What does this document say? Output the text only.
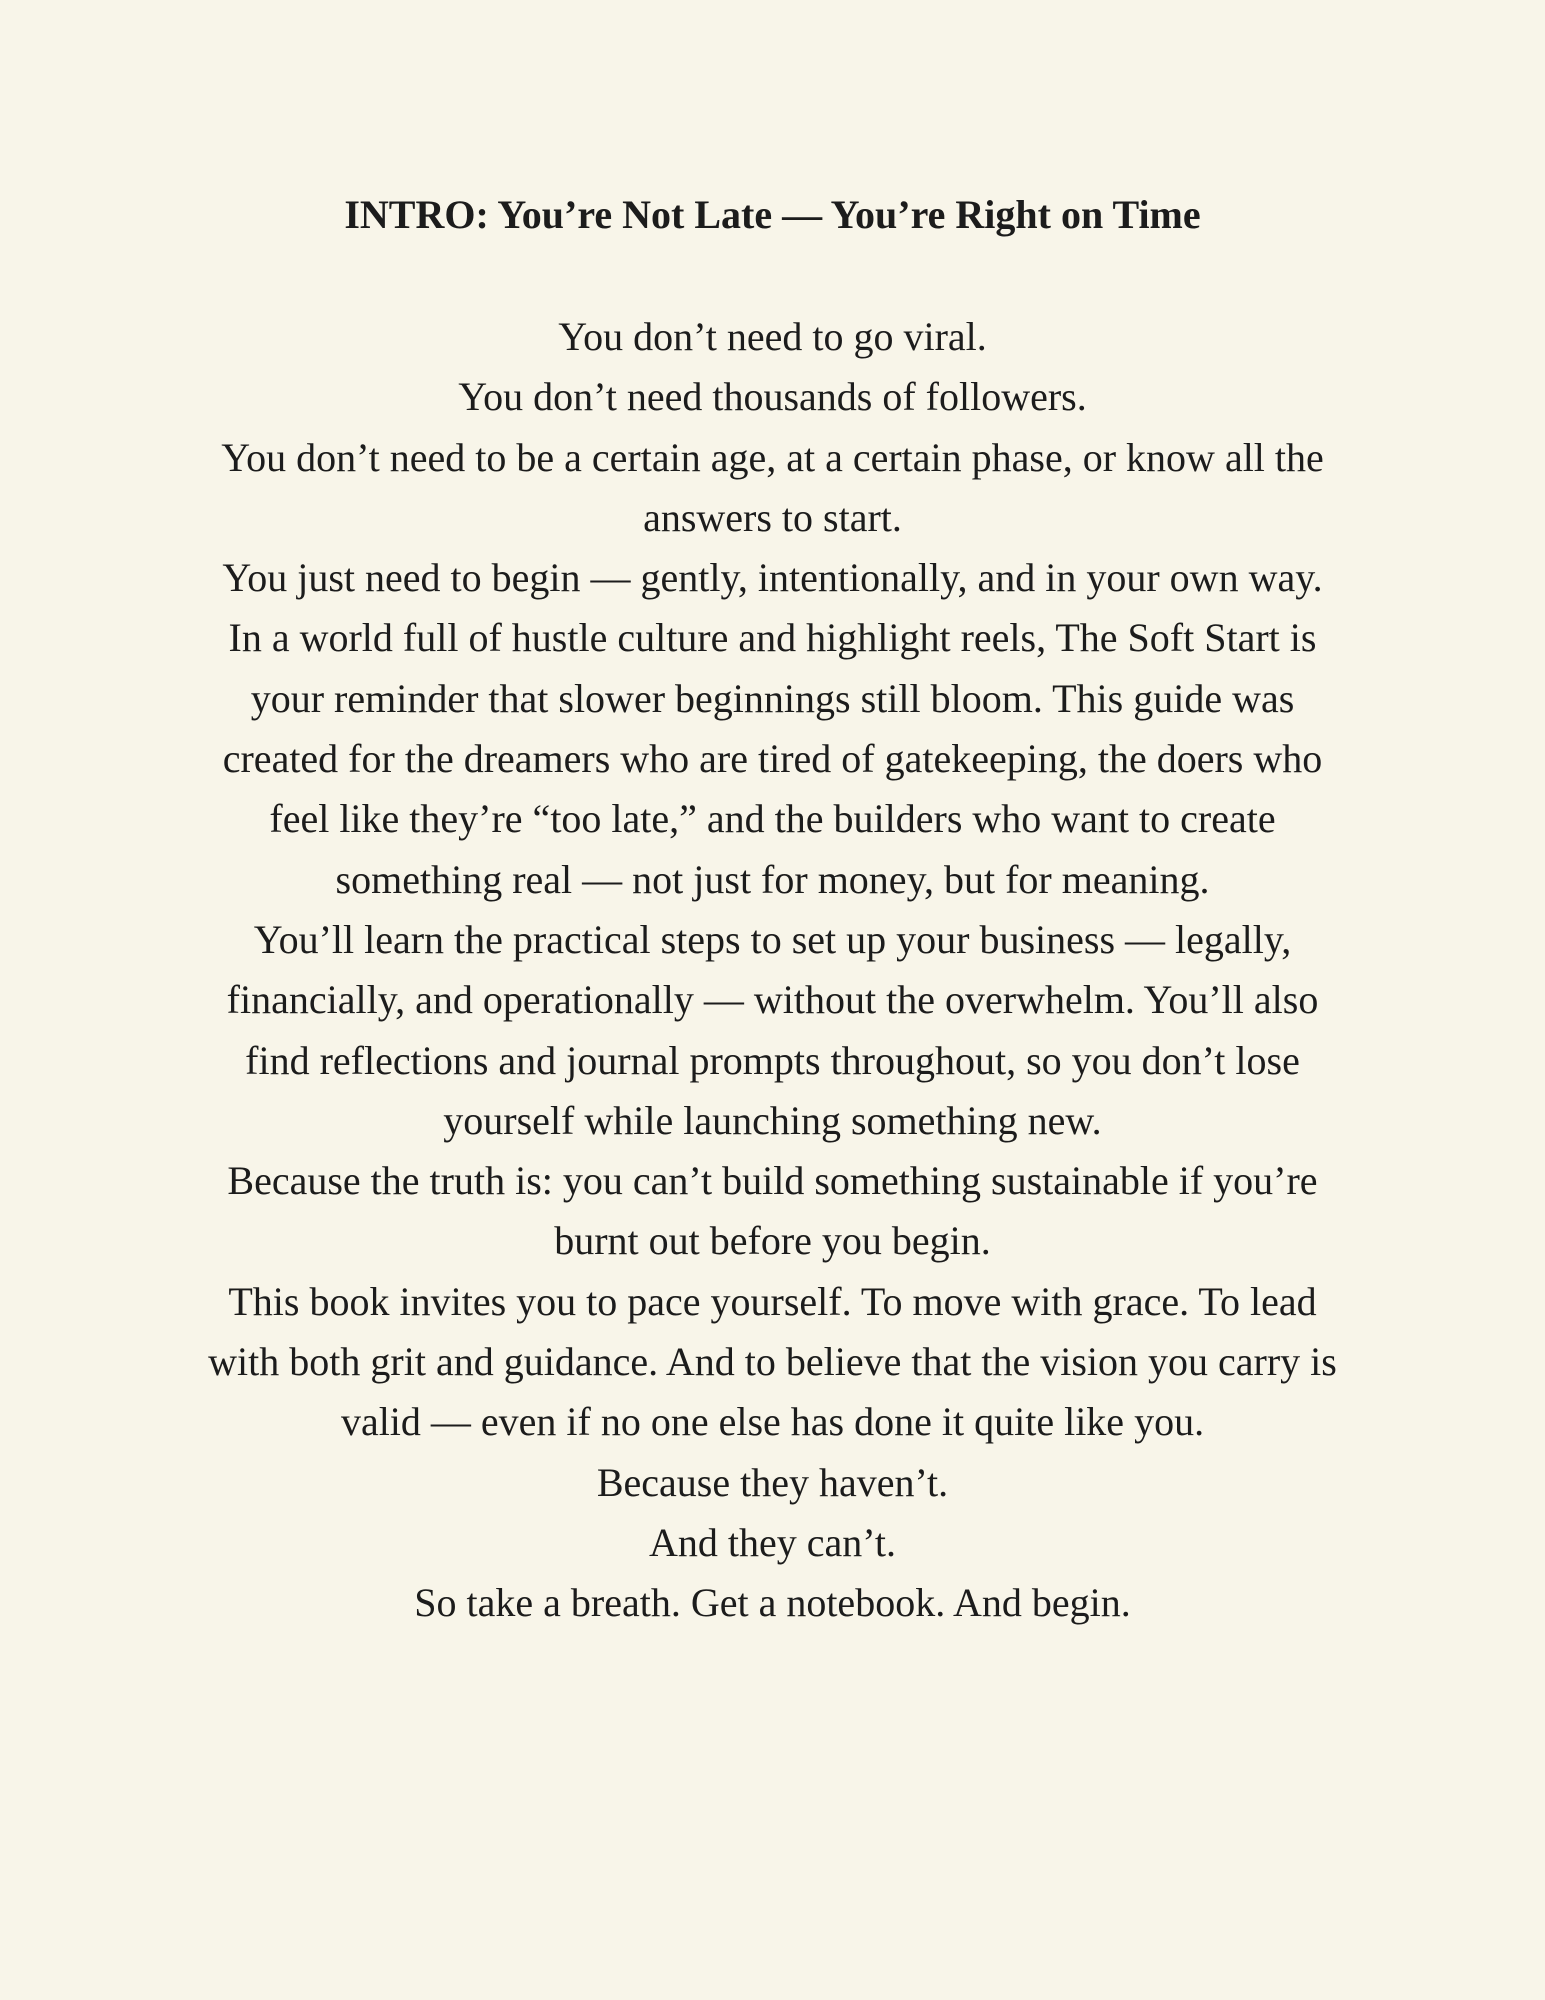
INTRO: You’re Not Late — You’re Right on Time

You don’t need to go viral.

You don’t need thousands of followers.

You don’t need to be a certain age, at a certain phase, or know all the answers to start.

You just need to begin — gently, intentionally, and in your own way.

In a world full of hustle culture and highlight reels, The Soft Start is your reminder that slower beginnings still bloom. This guide was created for the dreamers who are tired of gatekeeping, the doers who feel like they’re “too late,” and the builders who want to create something real — not just for money, but for meaning.

You’ll learn the practical steps to set up your business — legally, financially, and operationally — without the overwhelm. You’ll also find reflections and journal prompts throughout, so you don’t lose yourself while launching something new.

Because the truth is: you can’t build something sustainable if you’re burnt out before you begin.

This book invites you to pace yourself. To move with grace. To lead with both grit and guidance. And to believe that the vision you carry is valid — even if no one else has done it quite like you.

Because they haven’t.

And they can’t.

So take a breath. Get a notebook. And begin.
